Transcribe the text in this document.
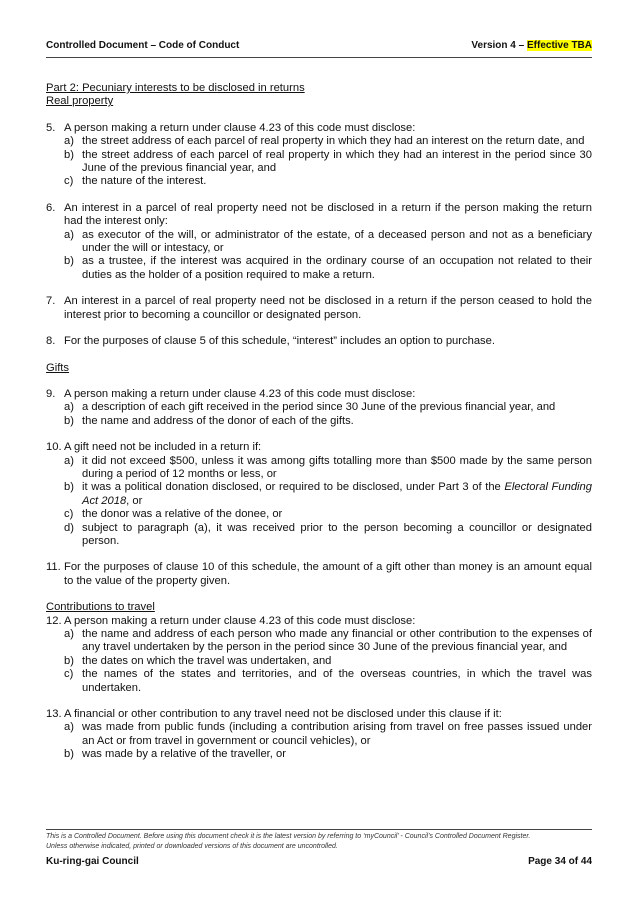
Controlled Document – Code of Conduct	Version 4 – Effective TBA
Part 2: Pecuniary interests to be disclosed in returns
Real property
5. A person making a return under clause 4.23 of this code must disclose:
a) the street address of each parcel of real property in which they had an interest on the return date, and
b) the street address of each parcel of real property in which they had an interest in the period since 30 June of the previous financial year, and
c) the nature of the interest.
6. An interest in a parcel of real property need not be disclosed in a return if the person making the return had the interest only:
a) as executor of the will, or administrator of the estate, of a deceased person and not as a beneficiary under the will or intestacy, or
b) as a trustee, if the interest was acquired in the ordinary course of an occupation not related to their duties as the holder of a position required to make a return.
7. An interest in a parcel of real property need not be disclosed in a return if the person ceased to hold the interest prior to becoming a councillor or designated person.
8. For the purposes of clause 5 of this schedule, “interest” includes an option to purchase.
Gifts
9. A person making a return under clause 4.23 of this code must disclose:
a) a description of each gift received in the period since 30 June of the previous financial year, and
b) the name and address of the donor of each of the gifts.
10. A gift need not be included in a return if:
a) it did not exceed $500, unless it was among gifts totalling more than $500 made by the same person during a period of 12 months or less, or
b) it was a political donation disclosed, or required to be disclosed, under Part 3 of the Electoral Funding Act 2018, or
c) the donor was a relative of the donee, or
d) subject to paragraph (a), it was received prior to the person becoming a councillor or designated person.
11. For the purposes of clause 10 of this schedule, the amount of a gift other than money is an amount equal to the value of the property given.
Contributions to travel
12. A person making a return under clause 4.23 of this code must disclose:
a) the name and address of each person who made any financial or other contribution to the expenses of any travel undertaken by the person in the period since 30 June of the previous financial year, and
b) the dates on which the travel was undertaken, and
c) the names of the states and territories, and of the overseas countries, in which the travel was undertaken.
13. A financial or other contribution to any travel need not be disclosed under this clause if it:
a) was made from public funds (including a contribution arising from travel on free passes issued under an Act or from travel in government or council vehicles), or
b) was made by a relative of the traveller, or
This is a Controlled Document. Before using this document check it is the latest version by referring to ‘myCouncil’ - Council’s Controlled Document Register.
Unless otherwise indicated, printed or downloaded versions of this document are uncontrolled.
Ku-ring-gai Council	Page 34 of 44
